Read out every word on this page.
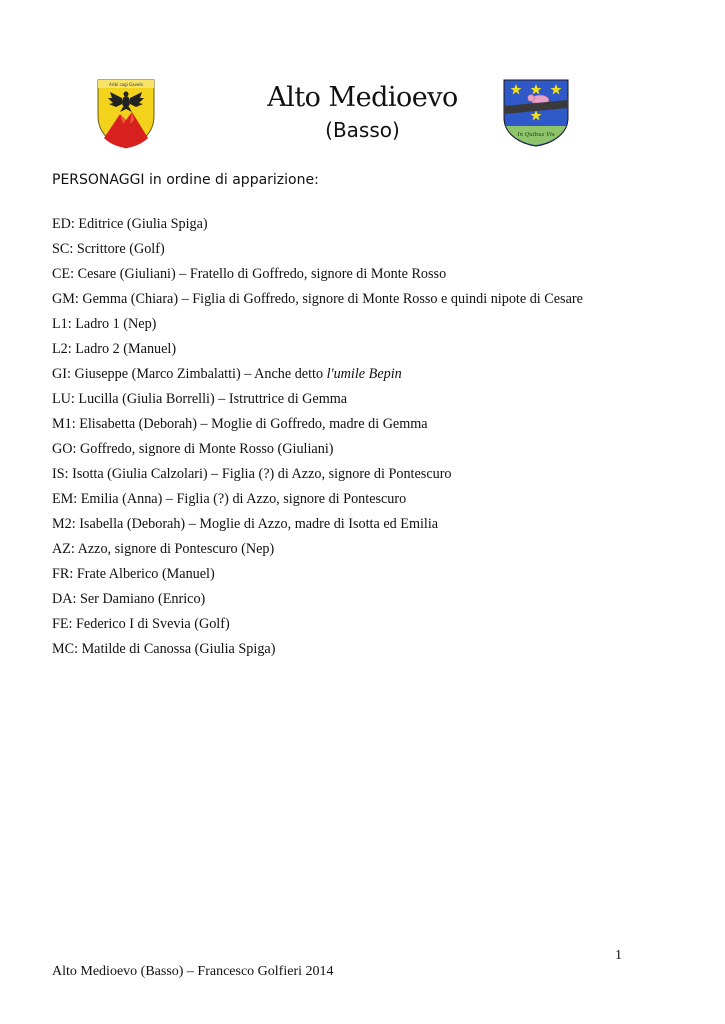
Aribi cagi Gavelo	Alto Medioevo
(Basso)	In Quibus Vis
PERSONAGGI in ordine di apparizione:
ED: Editrice (Giulia Spiga)
SC: Scrittore (Golf)
CE: Cesare (Giuliani) – Fratello di Goffredo, signore di Monte Rosso
GM: Gemma (Chiara) – Figlia di Goffredo, signore di Monte Rosso e quindi nipote di Cesare
L1: Ladro 1 (Nep)
L2: Ladro 2 (Manuel)
GI: Giuseppe (Marco Zimbalatti) – Anche detto l'umile Bepin
LU: Lucilla (Giulia Borrelli) – Istruttrice di Gemma
M1: Elisabetta (Deborah) – Moglie di Goffredo, madre di Gemma
GO: Goffredo, signore di Monte Rosso (Giuliani)
IS: Isotta (Giulia Calzolari) – Figlia (?) di Azzo, signore di Pontescuro
EM: Emilia (Anna) – Figlia (?) di Azzo, signore di Pontescuro
M2: Isabella (Deborah) – Moglie di Azzo, madre di Isotta ed Emilia
AZ: Azzo, signore di Pontescuro (Nep)
FR: Frate Alberico (Manuel)
DA: Ser Damiano (Enrico)
FE: Federico I di Svevia (Golf)
MC: Matilde di Canossa (Giulia Spiga)
1
Alto Medioevo (Basso) – Francesco Golfieri 2014
